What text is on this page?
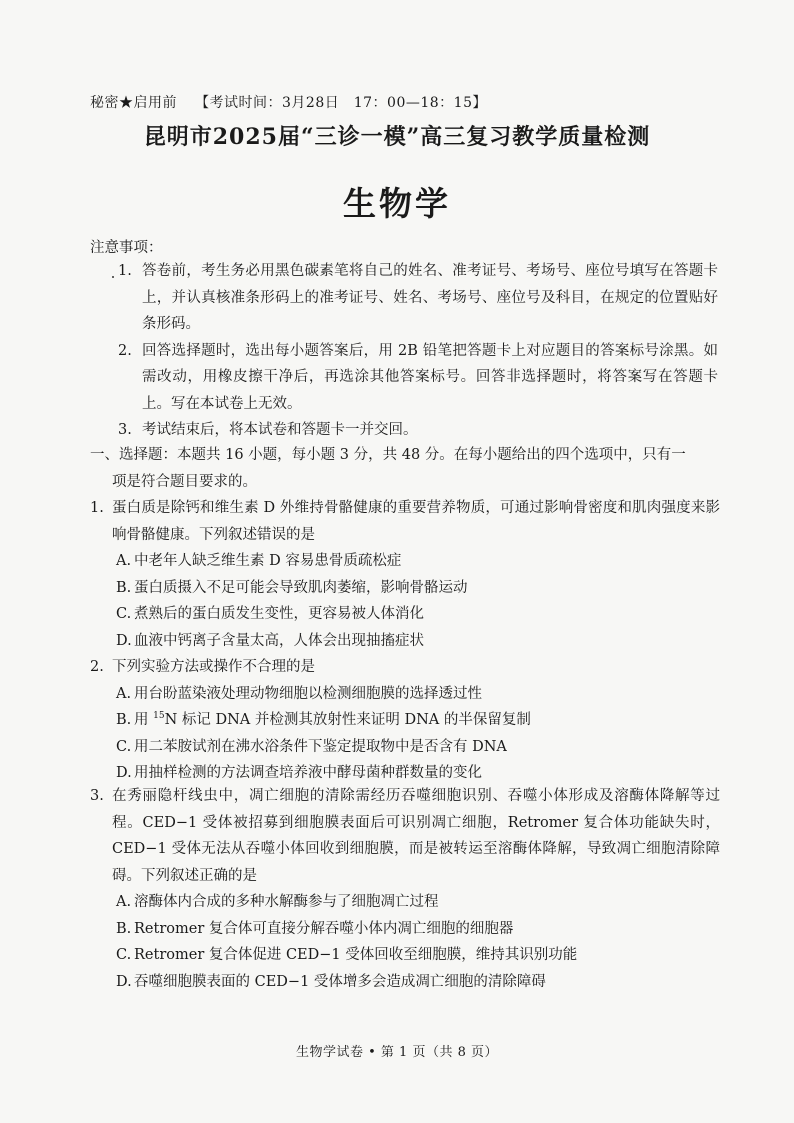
秘密★启用前 【考试时间：3月28日　17：00—18：15】
昆明市2025届“三诊一模”高三复习教学质量检测
生物学
注意事项：
1. 答卷前，考生务必用黑色碳素笔将自己的姓名、准考证号、考场号、座位号填写在答题卡上，并认真核准条形码上的准考证号、姓名、考场号、座位号及科目，在规定的位置贴好条形码。
2. 回答选择题时，选出每小题答案后，用 2B 铅笔把答题卡上对应题目的答案标号涂黑。如需改动，用橡皮擦干净后，再选涂其他答案标号。回答非选择题时，将答案写在答题卡上。写在本试卷上无效。
3. 考试结束后，将本试卷和答题卡一并交回。
一、选择题：本题共 16 小题，每小题 3 分，共 48 分。在每小题给出的四个选项中，只有一
项是符合题目要求的。
1. 蛋白质是除钙和维生素 D 外维持骨骼健康的重要营养物质，可通过影响骨密度和肌肉强度来影响骨骼健康。下列叙述错误的是
A. 中老年人缺乏维生素 D 容易患骨质疏松症
B. 蛋白质摄入不足可能会导致肌肉萎缩，影响骨骼运动
C. 煮熟后的蛋白质发生变性，更容易被人体消化
D. 血液中钙离子含量太高，人体会出现抽搐症状
2. 下列实验方法或操作不合理的是
A. 用台盼蓝染液处理动物细胞以检测细胞膜的选择透过性
B. 用 $^{15}$N 标记 DNA 并检测其放射性来证明 DNA 的半保留复制
C. 用二苯胺试剂在沸水浴条件下鉴定提取物中是否含有 DNA
D. 用抽样检测的方法调查培养液中酵母菌种群数量的变化
3. 在秀丽隐杆线虫中，凋亡细胞的清除需经历吞噬细胞识别、吞噬小体形成及溶酶体降解等过程。CED−1 受体被招募到细胞膜表面后可识别凋亡细胞，Retromer 复合体功能缺失时，CED−1 受体无法从吞噬小体回收到细胞膜，而是被转运至溶酶体降解，导致凋亡细胞清除障碍。下列叙述正确的是
A. 溶酶体内合成的多种水解酶参与了细胞凋亡过程
B. Retromer 复合体可直接分解吞噬小体内凋亡细胞的细胞器
C. Retromer 复合体促进 CED−1 受体回收至细胞膜，维持其识别功能
D. 吞噬细胞膜表面的 CED−1 受体增多会造成凋亡细胞的清除障碍
生物学试卷 • 第 1 页（共 8 页）
